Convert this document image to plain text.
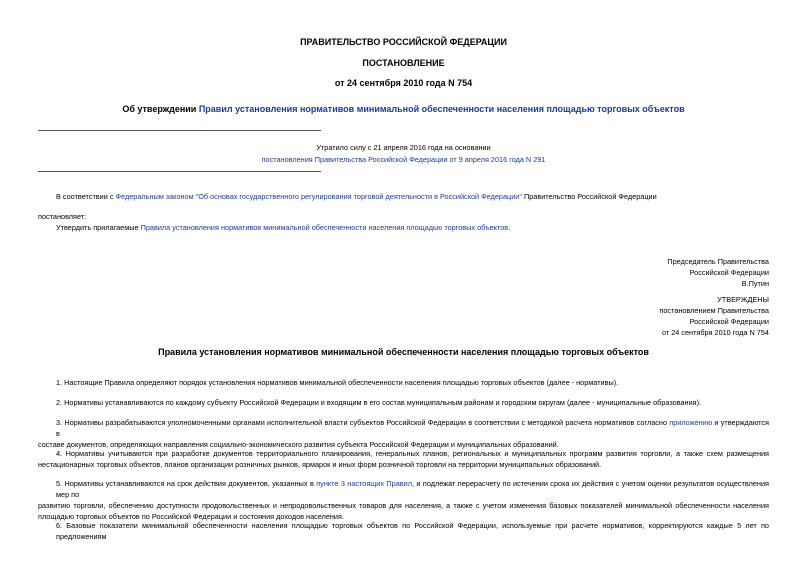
ПРАВИТЕЛЬСТВО РОССИЙСКОЙ ФЕДЕРАЦИИ
ПОСТАНОВЛЕНИЕ
от 24 сентября 2010 года N 754
Об утверждении Правил установления нормативов минимальной обеспеченности населения площадью торговых объектов
Утратило силу с 21 апреля 2016 года на основании
постановления Правительства Российской Федерации от 9 апреля 2016 года N 291
В соответствии с Федеральным законом "Об основах государственного регулирования торговой деятельности в Российской Федерации" Правительство Российской Федерации
постановляет:
Утвердить прилагаемые Правила установления нормативов минимальной обеспеченности населения площадью торговых объектов.
Председатель Правительства
Российской Федерации
В.Путин
УТВЕРЖДЕНЫ
постановлением Правительства
Российской Федерации
от 24 сентября 2010 года N 754
Правила установления нормативов минимальной обеспеченности населения площадью торговых объектов
1. Настоящие Правила определяют порядок установления нормативов минимальной обеспеченности населения площадью торговых объектов (далее - нормативы).
2. Нормативы устанавливаются по каждому субъекту Российской Федерации и входящим в его состав муниципальным районам и городским округам (далее - муниципальные образования).
3. Нормативы разрабатываются уполномоченными органами исполнительной власти субъектов Российской Федерации в соответствии с методикой расчета нормативов согласно приложению и утверждаются в
составе документов, определяющих направления социально-экономического развития субъекта Российской Федерации и муниципальных образований.
4. Нормативы учитываются при разработке документов территориального планирования, генеральных планов, региональных и муниципальных программ развития торговли, а также схем размещения
нестационарных торговых объектов, планов организации розничных рынков, ярмарок и иных форм розничной торговли на территории муниципальных образований.
5. Нормативы устанавливаются на срок действия документов, указанных в пункте 3 настоящих Правил, и подлежат перерасчету по истечении срока их действия с учетом оценки результатов осуществления мер по
развитию торговли, обеспечению доступности продовольственных и непродовольственных товаров для населения, а также с учетом изменения базовых показателей минимальной обеспеченности населения
площадью торговых объектов по Российской Федерации и состояния доходов населения.
6. Базовые показатели минимальной обеспеченности населения площадью торговых объектов по Российской Федерации, используемые при расчете нормативов, корректируются каждые 5 лет по предложениям
